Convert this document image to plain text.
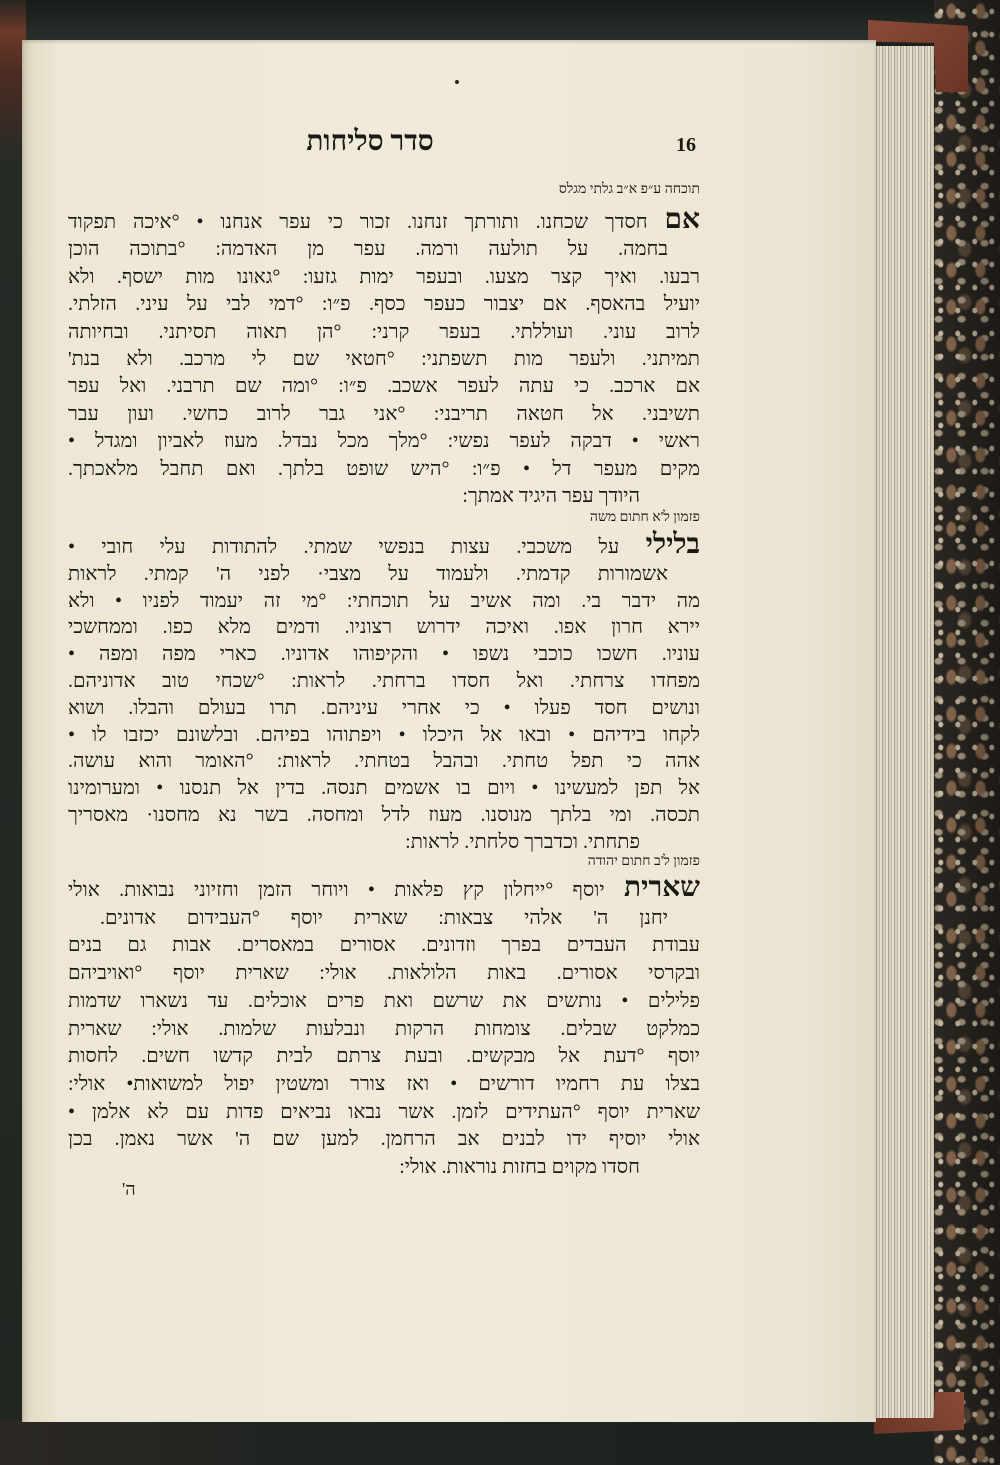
סדר סליחות	16
תוכחה ע״פ א״ב גלתי מגלס
אם חסדך שכחנו. ותורתך זנחנו. זכור כי עפר אנחנו • °איכה תפקוד
בחמה. על תולעה ורמה. עפר מן האדמה: °בתוכה הוכן
רבעו. ואיך קצר מצעו. ובעפר ימות גזעו: °גאונו מות ישסף. ולא
יועיל בהאסף. אם יצבור כעפר כסף. פ״ו: °דמי לבי על עיני. הזלתי.
לרוב עוני. ועוללתי. בעפר קרני: °הן תאוה תסיתני. ובחיותה
תמיתני. ולעפר מות תשפתני: °חטאי שם לי מרכב. ולא בנת'
אם ארכב. כי עתה לעפר אשכב. פ״ו: °ומה שם תרבני. ואל עפר
תשיבני. אל חטאה תריבני: °אני גבר לרוב כחשי. ועון עבר
ראשי • דבקה לעפר נפשי: °מלך מכל נבדל. מעוז לאביון ומגדל •
מקים מעפר דל • פ״ו: °היש שופט בלתך. ואם תחבל מלאכתך.
היודך עפר היגיד אמתך:
פזמון ל'א חתום משה
בלילי על משכבי. עצות בנפשי שמתי. להתודות עלי חובי •
אשמורות קדמתי. ולעמוד על מצבי· לפני ה' קמתי. לראות
מה ידבר בי. ומה אשיב על תוכחתי: °מי זה יעמוד לפניו • ולא
יירא חרון אפו. ואיכה ידרוש רצוניו. ודמים מלא כפו. וממחשכי
עוניו. חשכו כוכבי נשפו • והקיפוהו אדוניו. כארי מפה ומפה •
מפחדו צרחתי. ואל חסדו ברחתי. לראות: °שכחי טוב אדוניהם.
ונושים חסד פעלו • כי אחרי עיניהם. תרו בעולם והבלו. ושוא
לקחו בידיהם • ובאו אל היכלו • ויפתוהו בפיהם. ובלשונם יכזבו לו •
אהה כי תפל טחתי. ובהבל בטחתי. לראות: °האומר והוא עושה.
אל תפן למעשינו • ויום בו אשמים תנסה. בדין אל תנסנו • ומערומינו
תכסה. ומי בלתך מנוסנו. מעוז לדל ומחסה. בשר נא מחסנו· מאסריך
פתחתי. וכדברך סלחתי. לראות:
פזמון ל'ב חתום יהודה
שארית יוסף °ייחלון קץ פלאות • ויוחר הזמן וחזיוני נבואות. אולי
יחנן ה' אלהי צבאות: שארית יוסף °העבידום אדונים.
עבודת העבדים בפרך וזדונים. אסורים במאסרים. אבות גם בנים
ובקרסי אסורים. באות הלולאות. אולי: שארית יוסף °ואויביהם
פלילים • נותשים את שרשם ואת פרים אוכלים. עד נשארו שדמות
כמלקט שבלים. צומחות הרקות ונבלעות שלמות. אולי: שארית
יוסף °דעת אל מבקשים. ובעת צרתם לבית קדשו חשים. לחסות
בצלו עת רחמיו דורשים • ואז צורר ומשטין יפול למשואות• אולי:
שארית יוסף °העתידים לזמן. אשר נבאו נביאים פדות עם לא אלמן •
אולי יוסיף ידו לבנים אב הרחמן. למען שם ה' אשר נאמן. בכן
חסדו מקוים בחזות נוראות. אולי:
ה'
